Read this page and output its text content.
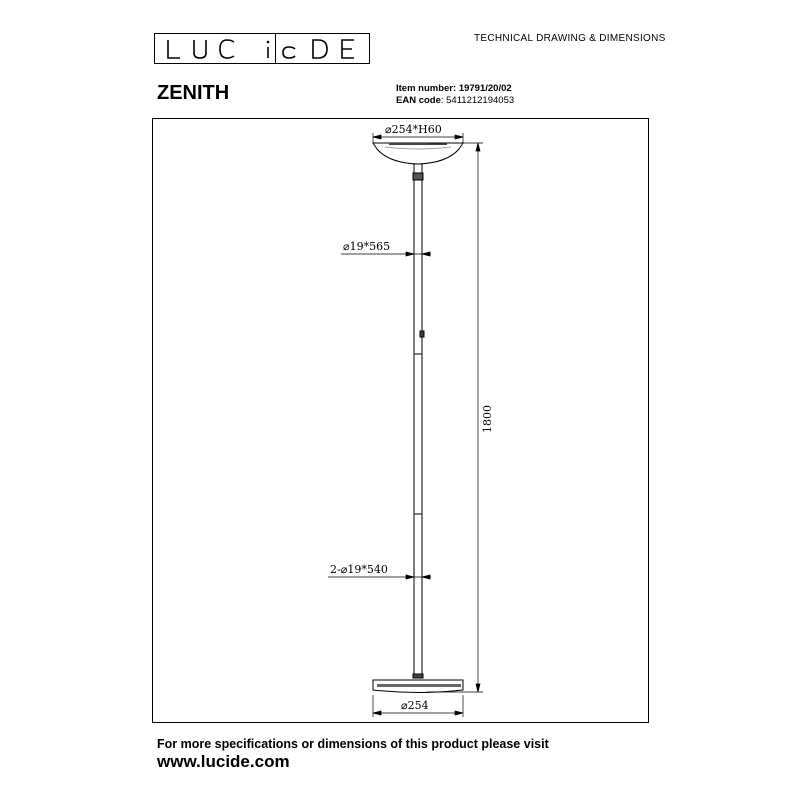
TECHNICAL DRAWING & DIMENSIONS
ZENITH	Item number: 19791/20/02
EAN code: 5411212194053
1800
⌀254*H60
⌀19*565
2-⌀19*540
⌀254
For more specifications or dimensions of this product please visit
www.lucide.com
